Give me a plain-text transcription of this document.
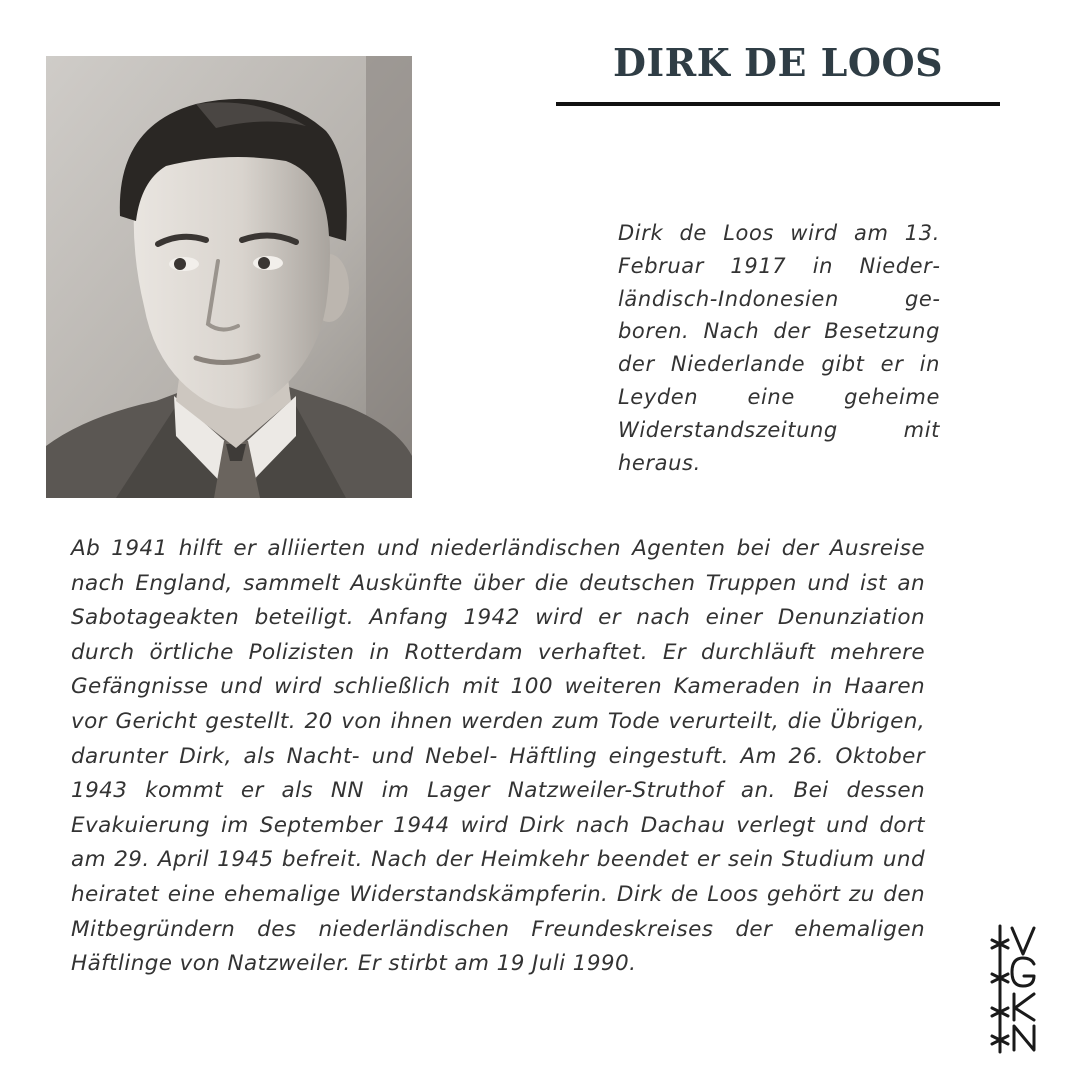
DIRK DE LOOS

Dirk de Loos wird am 13. Februar 1917 in Niederländisch-Indonesien geboren. Nach der Besetzung der Niederlande gibt er in Leyden eine geheime Widerstandszeitung mit heraus.

Ab 1941 hilft er alliierten und niederländischen Agenten bei der Ausreise nach England, sammelt Auskünfte über die deutschen Truppen und ist an Sabotageakten beteiligt. Anfang 1942 wird er nach einer Denunziation durch örtliche Polizisten in Rotterdam verhaftet. Er durchläuft mehrere Gefängnisse und wird schließlich mit 100 weiteren Kameraden in Haaren vor Gericht gestellt. 20 von ihnen werden zum Tode verurteilt, die Übrigen, darunter Dirk, als Nacht- und Nebel- Häftling eingestuft. Am 26. Oktober 1943 kommt er als NN im Lager Natzweiler-Struthof an. Bei dessen Evakuierung im September 1944 wird Dirk nach Dachau verlegt und dort am 29. April 1945 befreit. Nach der Heimkehr beendet er sein Studium und heiratet eine ehemalige Widerstandskämpferin. Dirk de Loos gehört zu den Mitbegründern des niederländischen Freundeskreises der ehemaligen Häftlinge von Natzweiler. Er stirbt am 19 Juli 1990.
